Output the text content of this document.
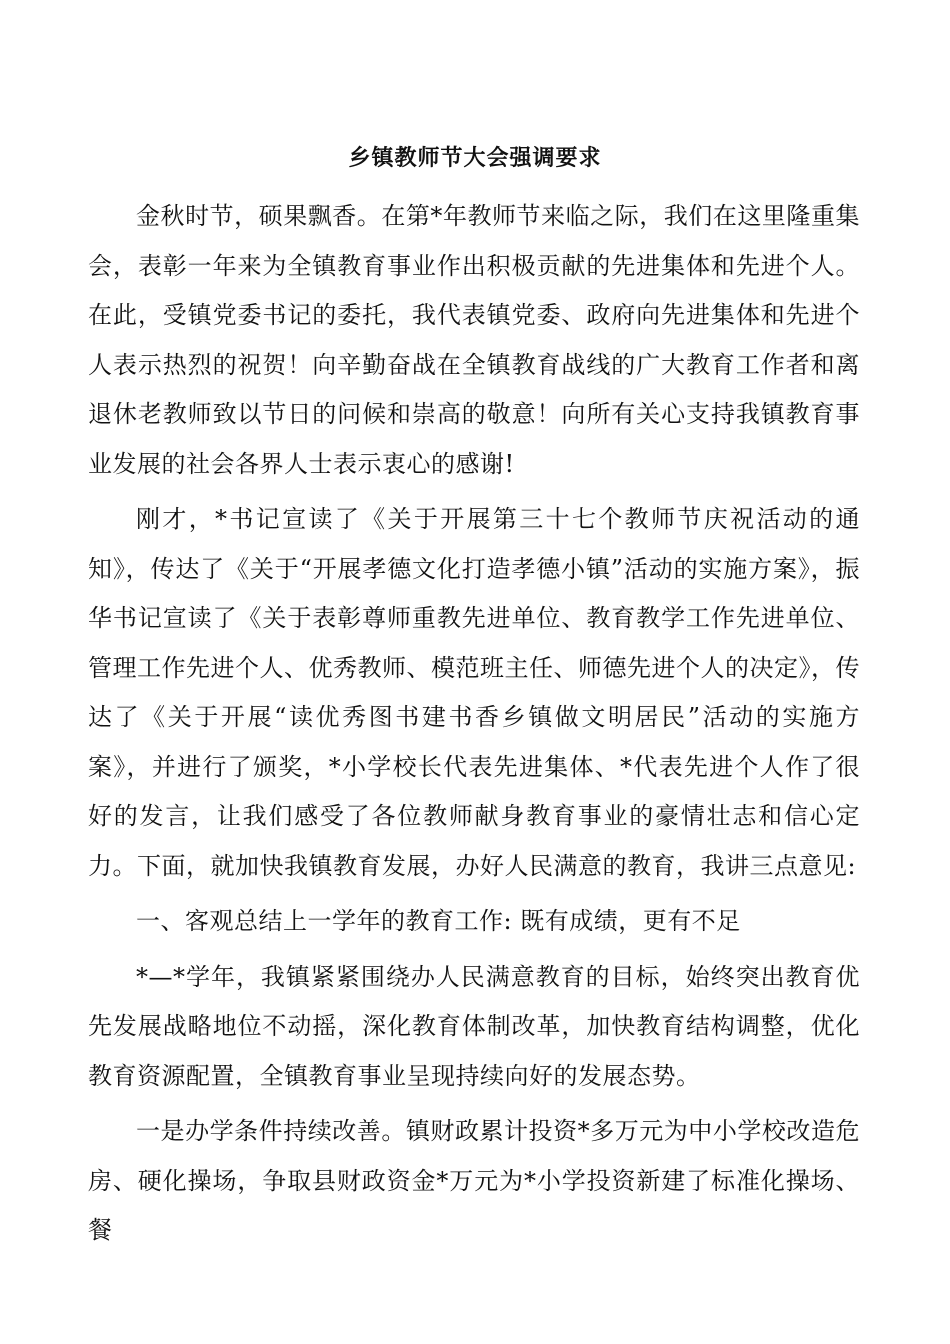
乡镇教师节大会强调要求

金秋时节，硕果飘香。在第*年教师节来临之际，我们在这里隆重集会，表彰一年来为全镇教育事业作出积极贡献的先进集体和先进个人。在此，受镇党委书记的委托，我代表镇党委、政府向先进集体和先进个人表示热烈的祝贺！向辛勤奋战在全镇教育战线的广大教育工作者和离退休老教师致以节日的问候和崇高的敬意！向所有关心支持我镇教育事业发展的社会各界人士表示衷心的感谢!

刚才，*书记宣读了《关于开展第三十七个教师节庆祝活动的通知》，传达了《关于“开展孝德文化打造孝德小镇”活动的实施方案》，振华书记宣读了《关于表彰尊师重教先进单位、教育教学工作先进单位、管理工作先进个人、优秀教师、模范班主任、师德先进个人的决定》，传达了《关于开展“读优秀图书建书香乡镇做文明居民”活动的实施方案》，并进行了颁奖，*小学校长代表先进集体、*代表先进个人作了很好的发言，让我们感受了各位教师献身教育事业的豪情壮志和信心定力。下面，就加快我镇教育发展，办好人民满意的教育，我讲三点意见:

一、客观总结上一学年的教育工作: 既有成绩，更有不足

*—*学年，我镇紧紧围绕办人民满意教育的目标，始终突出教育优先发展战略地位不动摇，深化教育体制改革，加快教育结构调整，优化教育资源配置，全镇教育事业呈现持续向好的发展态势。

一是办学条件持续改善。镇财政累计投资*多万元为中小学校改造危房、硬化操场，争取县财政资金*万元为*小学投资新建了标准化操场、餐
